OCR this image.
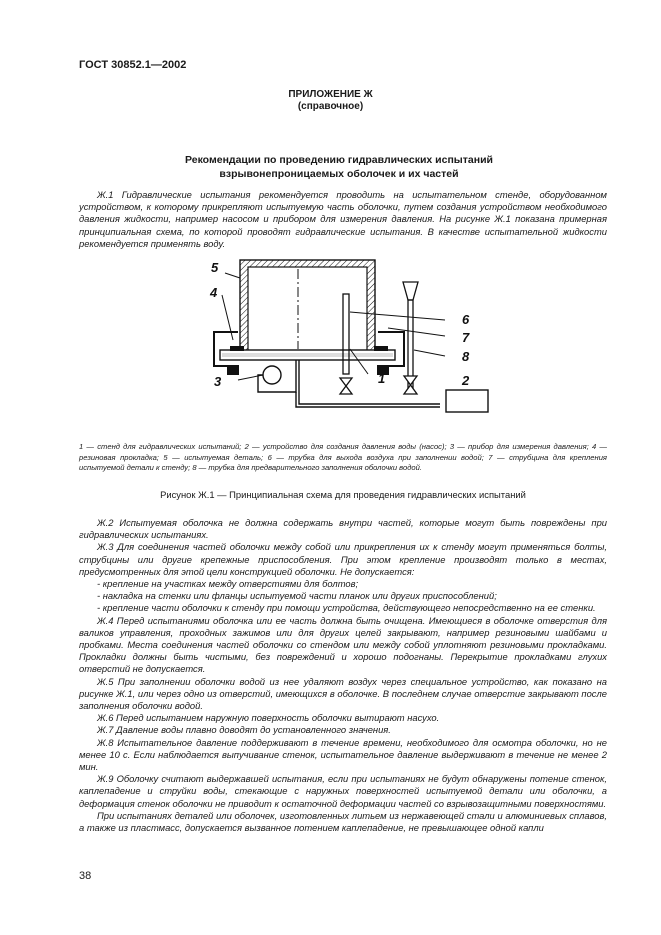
ГОСТ 30852.1—2002
ПРИЛОЖЕНИЕ Ж
(справочное)
Рекомендации по проведению гидравлических испытаний
взрывонепроницаемых оболочек и их частей
Ж.1 Гидравлические испытания рекомендуется проводить на испытательном стенде, оборудованном устройством, к которому прикрепляют испытуемую часть оболочки, путем создания устройством необходимого давления жидкости, например насосом и прибором для измерения давления. На рисунке Ж.1 показана примерная принципиальная схема, по которой проводят гидравлические испытания. В качестве испытательной жидкости рекомендуется применять воду.
5
4
3
6
7
1
8
2
1 — стенд для гидравлических испытаний; 2 — устройство для создания давления воды (насос); 3 — прибор для измерения давления; 4 — резиновая прокладка; 5 — испытуемая деталь; 6 — трубка для выхода воздуха при заполнении водой; 7 — струбцина для крепления испытуемой детали к стенду; 8 — трубка для предварительного заполнения оболочки водой.
Рисунок Ж.1 — Принципиальная схема для проведения гидравлических испытаний

Ж.2 Испытуемая оболочка не должна содержать внутри частей, которые могут быть повреждены при гидравлических испытаниях.

Ж.3 Для соединения частей оболочки между собой или прикрепления их к стенду могут применяться болты, струбцины или другие крепежные приспособления. При этом крепление производят только в местах, предусмотренных для этой цели конструкцией оболочки. Не допускается:

- крепление на участках между отверстиями для болтов;

- накладка на стенки или фланцы испытуемой части планок или других приспособлений;

- крепление части оболочки к стенду при помощи устройства, действующего непосредственно на ее стенки.

Ж.4 Перед испытаниями оболочка или ее часть должна быть очищена. Имеющиеся в оболочке отверстия для валиков управления, проходных зажимов или для других целей закрывают, например резиновыми шайбами и пробками. Места соединения частей оболочки со стендом или между собой уплотняют резиновыми прокладками. Прокладки должны быть чистыми, без повреждений и хорошо подогнаны. Перекрытие прокладками глухих отверстий не допускается.

Ж.5 При заполнении оболочки водой из нее удаляют воздух через специальное устройство, как показано на рисунке Ж.1, или через одно из отверстий, имеющихся в оболочке. В последнем случае отверстие закрывают после заполнения оболочки водой.

Ж.6 Перед испытанием наружную поверхность оболочки вытирают насухо.

Ж.7 Давление воды плавно доводят до установленного значения.

Ж.8 Испытательное давление поддерживают в течение времени, необходимого для осмотра оболочки, но не менее 10 с. Если наблюдается выпучивание стенок, испытательное давление выдерживают в течение не менее 2 мин.

Ж.9 Оболочку считают выдержавшей испытания, если при испытаниях не будут обнаружены потение стенок, каплепадение и струйки воды, стекающие с наружных поверхностей испытуемой детали или оболочки, а деформация стенок оболочки не приводит к остаточной деформации частей со взрывозащитными поверхностями.

При испытаниях деталей или оболочек, изготовленных литьем из нержавеющей стали и алюминиевых сплавов, а также из пластмасс, допускается вызванное потением каплепадение, не превышающее одной капли

38
